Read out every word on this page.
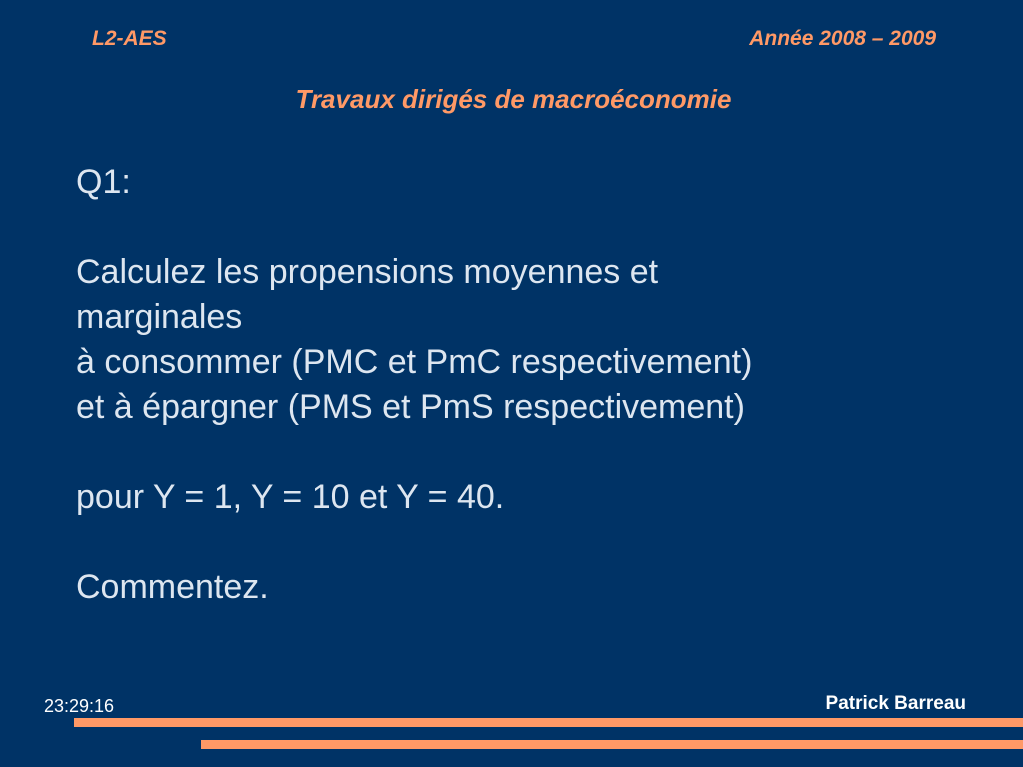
L2-AES	Année 2008 – 2009
Travaux dirigés de macroéconomie

Q1:

Calculez les propensions moyennes et

marginales

à consommer (PMC et PmC respectivement)

et à épargner (PMS et PmS respectivement)

pour Y = 1, Y = 10 et Y = 40.

Commentez.

23:29:16	Patrick Barreau
